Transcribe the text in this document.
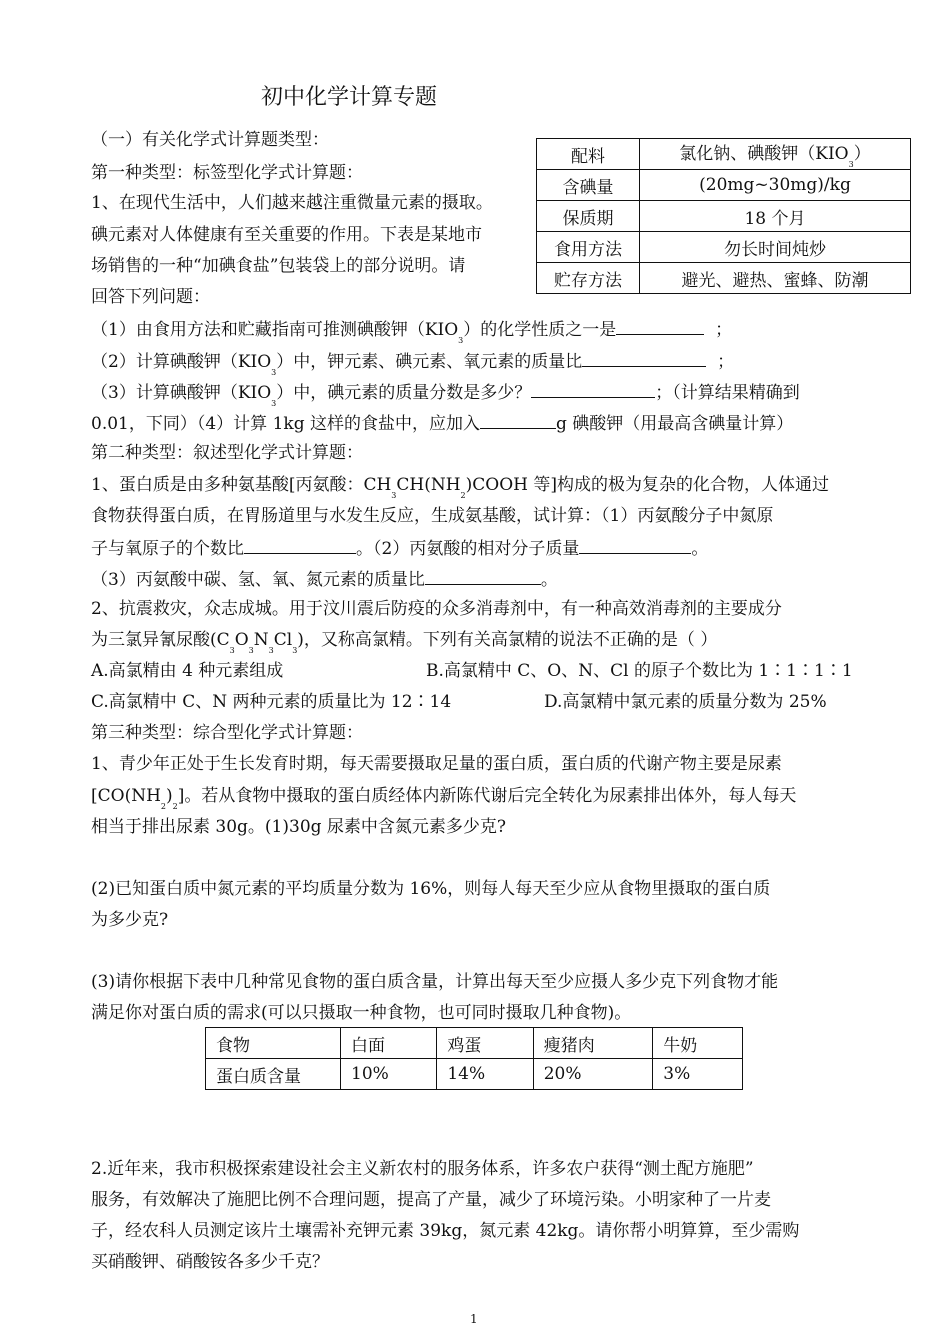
初中化学计算专题
（一）有关化学式计算题类型：
第一种类型：标签型化学式计算题：
1、在现代生活中，人们越来越注重微量元素的摄取。
碘元素对人体健康有至关重要的作用。下表是某地市
场销售的一种“加碘食盐”包装袋上的部分说明。请
回答下列问题：
配料	氯化钠、碘酸钾$(KIO_3)$
含碘量	(20mg~30mg)/kg
保质期	18 个月
食用方法	勿长时间炖炒
贮存方法	避光、避热、蜜蜂、防潮
（1）由食用方法和贮藏指南可推测碘酸钾$(KIO_3)$的化学性质之一是	；
（2）计算碘酸钾$(KIO_3)$中，钾元素、碘元素、氧元素的质量比	；
（3）计算碘酸钾$(KIO_3)$中，碘元素的质量分数是多少？	；（计算结果精确到
0.01，下同）（4）计算 1kg 这样的食盐中，应加入	g 碘酸钾（用最高含碘量计算）
第二种类型：叙述型化学式计算题：
1、蛋白质是由多种氨基酸[丙氨酸：$CH_3CH(NH_2)COOH$ 等]构成的极为复杂的化合物，人体通过
食物获得蛋白质，在胃肠道里与水发生反应，生成氨基酸，试计算：（1）丙氨酸分子中氮原
子与氧原子的个数比	。（2）丙氨酸的相对分子质量	。
（3）丙氨酸中碳、氢、氧、氮元素的质量比	。
2、抗震救灾，众志成城。用于汶川震后防疫的众多消毒剂中，有一种高效消毒剂的主要成分
为三氯异氰尿酸$(C_3O_3N_3Cl_3)$，又称高氯精。下列有关高氯精的说法不正确的是（ ）
A.高氯精由 4 种元素组成	B.高氯精中 C、O、N、Cl 的原子个数比为 1∶1∶1∶1
C.高氯精中 C、N 两种元素的质量比为 12∶14	D.高氯精中氯元素的质量分数为 25%
第三种类型：综合型化学式计算题：
1、青少年正处于生长发育时期，每天需要摄取足量的蛋白质，蛋白质的代谢产物主要是尿素
$[CO(NH_2)_2]$。若从食物中摄取的蛋白质经体内新陈代谢后完全转化为尿素排出体外，每人每天
相当于排出尿素 30g。(1)30g 尿素中含氮元素多少克?
(2)已知蛋白质中氮元素的平均质量分数为 16%，则每人每天至少应从食物里摄取的蛋白质
为多少克?
(3)请你根据下表中几种常见食物的蛋白质含量，计算出每天至少应摄人多少克下列食物才能
满足你对蛋白质的需求(可以只摄取一种食物，也可同时摄取几种食物)。
食物	白面	鸡蛋	瘦猪肉	牛奶
蛋白质含量	10%	14%	20%	3%
2.近年来，我市积极探索建设社会主义新农村的服务体系，许多农户获得“测土配方施肥”
服务，有效解决了施肥比例不合理问题，提高了产量，减少了环境污染。小明家种了一片麦
子，经农科人员测定该片土壤需补充钾元素 39kg，氮元素 42kg。请你帮小明算算，至少需购
买硝酸钾、硝酸铵各多少千克？
1
